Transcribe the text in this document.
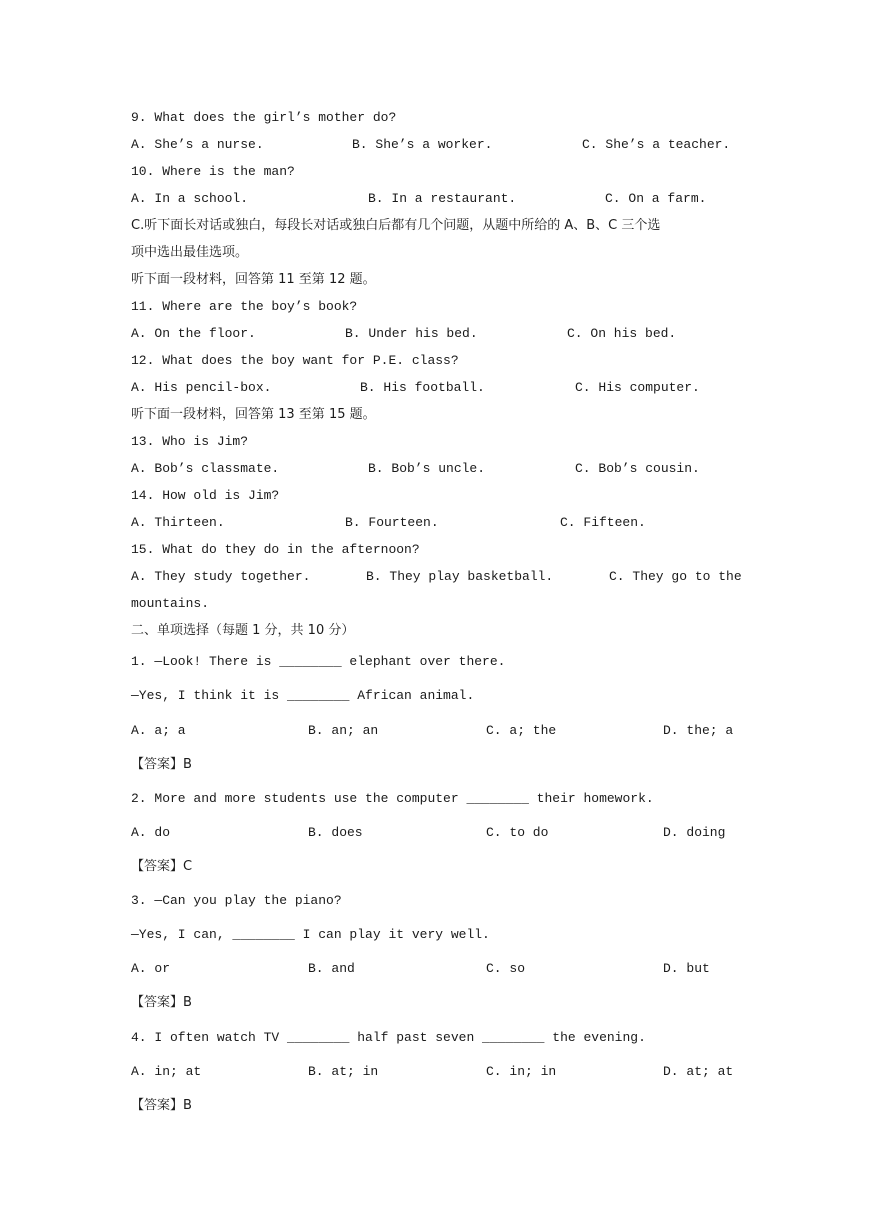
9. What does the girl’s mother do?
A. She’s a nurse.	B. She’s a worker.	C. She’s a teacher.
10. Where is the man?
A. In a school.	B. In a restaurant.	C. On a farm.
C.听下面长对话或独白，每段长对话或独白后都有几个问题，从题中所给的 A、B、C 三个选
项中选出最佳选项。
听下面一段材料，回答第 11 至第 12 题。
11. Where are the boy’s book?
A. On the floor.	B. Under his bed.	C. On his bed.
12. What does the boy want for P.E. class?
A. His pencil-box.	B. His football.	C. His computer.
听下面一段材料，回答第 13 至第 15 题。
13. Who is Jim?
A. Bob’s classmate.	B. Bob’s uncle.	C. Bob’s cousin.
14. How old is Jim?
A. Thirteen.	B. Fourteen.	C. Fifteen.
15. What do they do in the afternoon?
A. They study together.	B. They play basketball.	C. They go to the
mountains.
二、单项选择（每题 1 分，共 10 分）
1. —Look! There is ________ elephant over there.
—Yes, I think it is ________ African animal.
A. a; a	B. an; an	C. a; the	D. the; a
【答案】B
2. More and more students use the computer ________ their homework.
A. do	B. does	C. to do	D. doing
【答案】C
3. —Can you play the piano?
—Yes, I can, ________ I can play it very well.
A. or	B. and	C. so	D. but
【答案】B
4. I often watch TV ________ half past seven ________ the evening.
A. in; at	B. at; in	C. in; in	D. at; at
【答案】B
